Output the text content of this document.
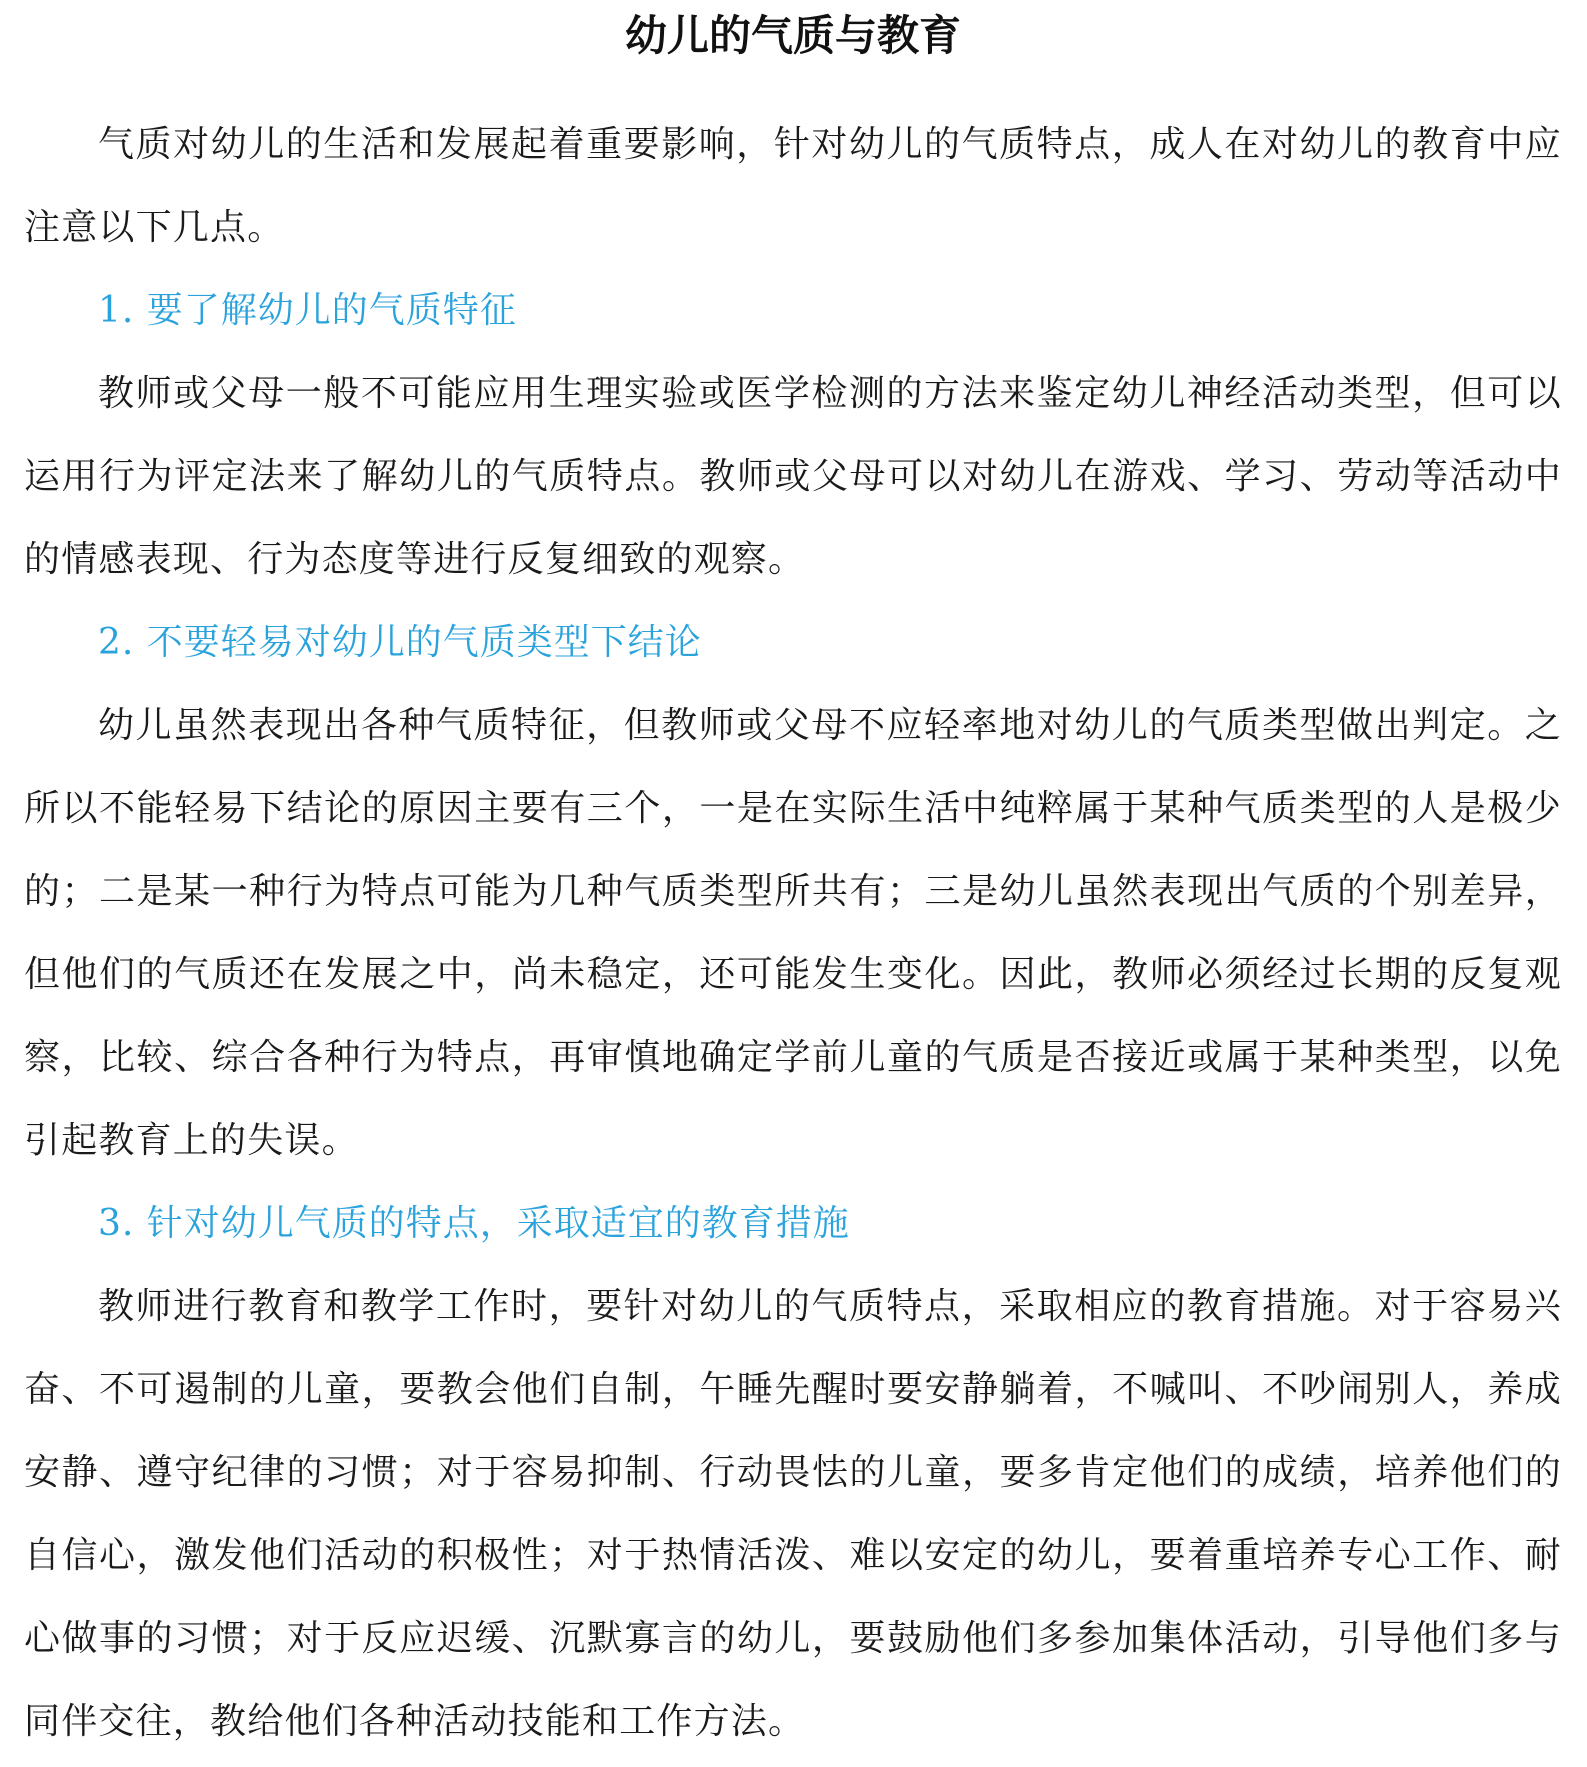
幼儿的气质与教育

气质对幼儿的生活和发展起着重要影响，针对幼儿的气质特点，成人在对幼儿的教育中应注意以下几点。

1. 要了解幼儿的气质特征

教师或父母一般不可能应用生理实验或医学检测的方法来鉴定幼儿神经活动类型，但可以运用行为评定法来了解幼儿的气质特点。教师或父母可以对幼儿在游戏、学习、劳动等活动中的情感表现、行为态度等进行反复细致的观察。

2. 不要轻易对幼儿的气质类型下结论

幼儿虽然表现出各种气质特征，但教师或父母不应轻率地对幼儿的气质类型做出判定。之所以不能轻易下结论的原因主要有三个，一是在实际生活中纯粹属于某种气质类型的人是极少的；二是某一种行为特点可能为几种气质类型所共有；三是幼儿虽然表现出气质的个别差异，但他们的气质还在发展之中，尚未稳定，还可能发生变化。因此，教师必须经过长期的反复观察，比较、综合各种行为特点，再审慎地确定学前儿童的气质是否接近或属于某种类型，以免引起教育上的失误。

3. 针对幼儿气质的特点，采取适宜的教育措施

教师进行教育和教学工作时，要针对幼儿的气质特点，采取相应的教育措施。对于容易兴奋、不可遏制的儿童，要教会他们自制，午睡先醒时要安静躺着，不喊叫、不吵闹别人，养成安静、遵守纪律的习惯；对于容易抑制、行动畏怯的儿童，要多肯定他们的成绩，培养他们的自信心，激发他们活动的积极性；对于热情活泼、难以安定的幼儿，要着重培养专心工作、耐心做事的习惯；对于反应迟缓、沉默寡言的幼儿，要鼓励他们多参加集体活动，引导他们多与同伴交往，教给他们各种活动技能和工作方法。
